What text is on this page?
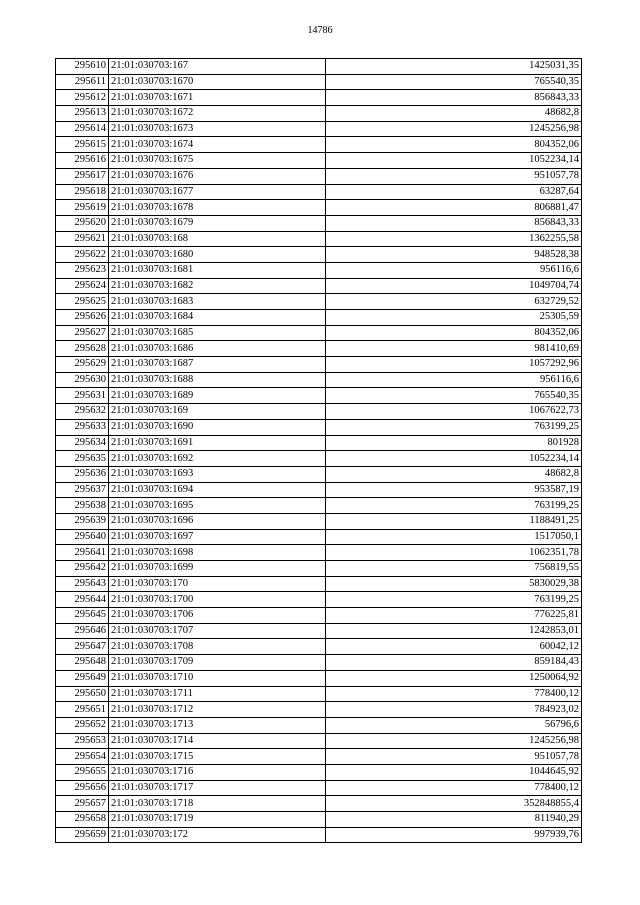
14786
295610	21:01:030703:167	1425031,35
295611	21:01:030703:1670	765540,35
295612	21:01:030703:1671	856843,33
295613	21:01:030703:1672	48682,8
295614	21:01:030703:1673	1245256,98
295615	21:01:030703:1674	804352,06
295616	21:01:030703:1675	1052234,14
295617	21:01:030703:1676	951057,78
295618	21:01:030703:1677	63287,64
295619	21:01:030703:1678	806881,47
295620	21:01:030703:1679	856843,33
295621	21:01:030703:168	1362255,58
295622	21:01:030703:1680	948528,38
295623	21:01:030703:1681	956116,6
295624	21:01:030703:1682	1049704,74
295625	21:01:030703:1683	632729,52
295626	21:01:030703:1684	25305,59
295627	21:01:030703:1685	804352,06
295628	21:01:030703:1686	981410,69
295629	21:01:030703:1687	1057292,96
295630	21:01:030703:1688	956116,6
295631	21:01:030703:1689	765540,35
295632	21:01:030703:169	1067622,73
295633	21:01:030703:1690	763199,25
295634	21:01:030703:1691	801928
295635	21:01:030703:1692	1052234,14
295636	21:01:030703:1693	48682,8
295637	21:01:030703:1694	953587,19
295638	21:01:030703:1695	763199,25
295639	21:01:030703:1696	1188491,25
295640	21:01:030703:1697	1517050,1
295641	21:01:030703:1698	1062351,78
295642	21:01:030703:1699	756819,55
295643	21:01:030703:170	5830029,38
295644	21:01:030703:1700	763199,25
295645	21:01:030703:1706	776225,81
295646	21:01:030703:1707	1242853,01
295647	21:01:030703:1708	60042,12
295648	21:01:030703:1709	859184,43
295649	21:01:030703:1710	1250064,92
295650	21:01:030703:1711	778400,12
295651	21:01:030703:1712	784923,02
295652	21:01:030703:1713	56796,6
295653	21:01:030703:1714	1245256,98
295654	21:01:030703:1715	951057,78
295655	21:01:030703:1716	1044645,92
295656	21:01:030703:1717	778400,12
295657	21:01:030703:1718	352848855,4
295658	21:01:030703:1719	811940,29
295659	21:01:030703:172	997939,76
